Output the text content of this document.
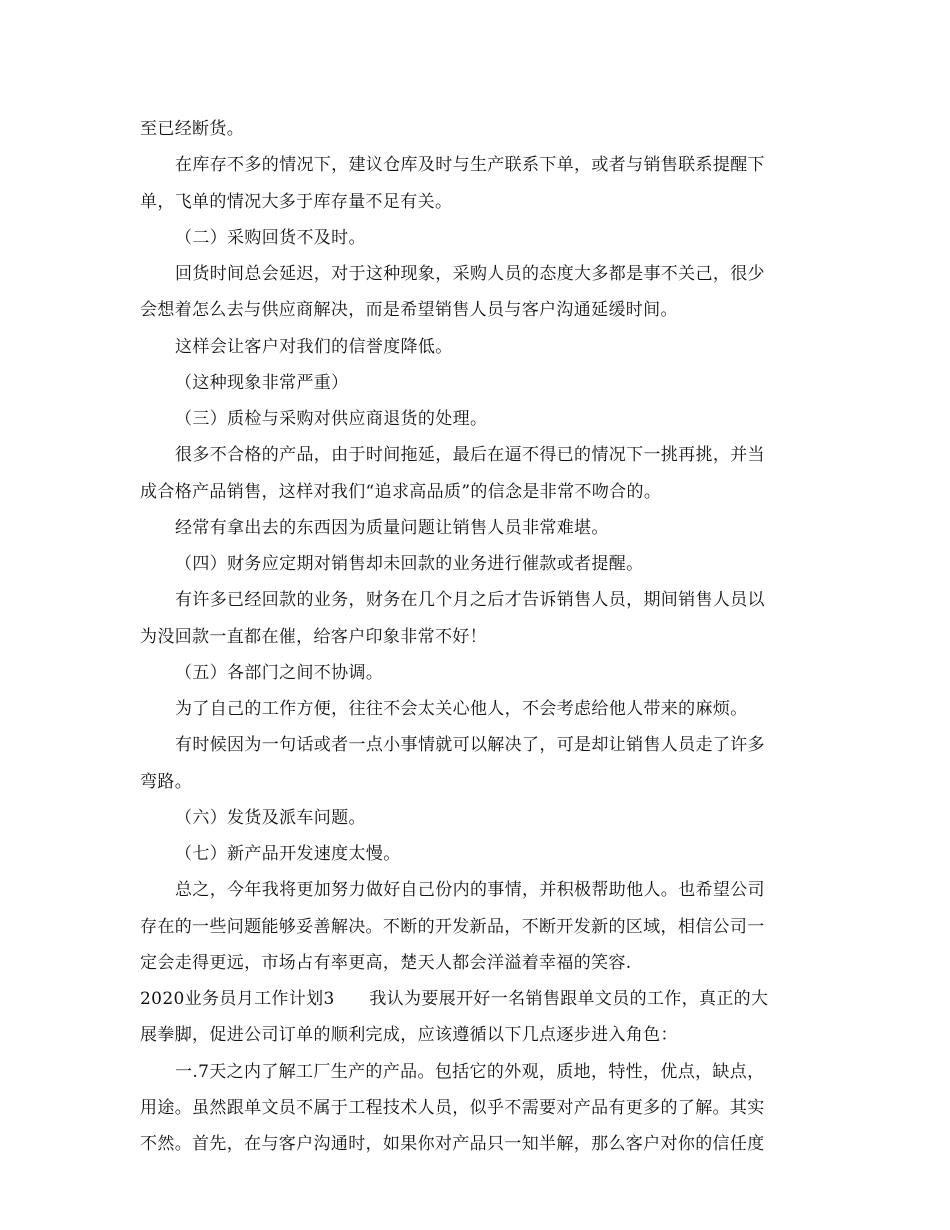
至已经断货。
在库存不多的情况下，建议仓库及时与生产联系下单，或者与销售联系提醒下
单，飞单的情况大多于库存量不足有关。
（二）采购回货不及时。
回货时间总会延迟，对于这种现象，采购人员的态度大多都是事不关己，很少
会想着怎么去与供应商解决，而是希望销售人员与客户沟通延缓时间。
这样会让客户对我们的信誉度降低。
（这种现象非常严重）
（三）质检与采购对供应商退货的处理。
很多不合格的产品，由于时间拖延，最后在逼不得已的情况下一挑再挑，并当
成合格产品销售，这样对我们“追求高品质”的信念是非常不吻合的。
经常有拿出去的东西因为质量问题让销售人员非常难堪。
（四）财务应定期对销售却未回款的业务进行催款或者提醒。
有许多已经回款的业务，财务在几个月之后才告诉销售人员，期间销售人员以
为没回款一直都在催，给客户印象非常不好！
（五）各部门之间不协调。
为了自己的工作方便，往往不会太关心他人，不会考虑给他人带来的麻烦。
有时候因为一句话或者一点小事情就可以解决了，可是却让销售人员走了许多
弯路。
（六）发货及派车问题。
（七）新产品开发速度太慢。
总之，今年我将更加努力做好自己份内的事情，并积极帮助他人。也希望公司
存在的一些问题能够妥善解决。不断的开发新品，不断开发新的区域，相信公司一
定会走得更远，市场占有率更高，楚天人都会洋溢着幸福的笑容.
2020业务员月工作计划3　　我认为要展开好一名销售跟单文员的工作，真正的大
展拳脚，促进公司订单的顺利完成，应该遵循以下几点逐步进入角色：
一.7天之内了解工厂生产的产品。包括它的外观，质地，特性，优点，缺点，
用途。虽然跟单文员不属于工程技术人员，似乎不需要对产品有更多的了解。其实
不然。首先，在与客户沟通时，如果你对产品只一知半解，那么客户对你的信任度
